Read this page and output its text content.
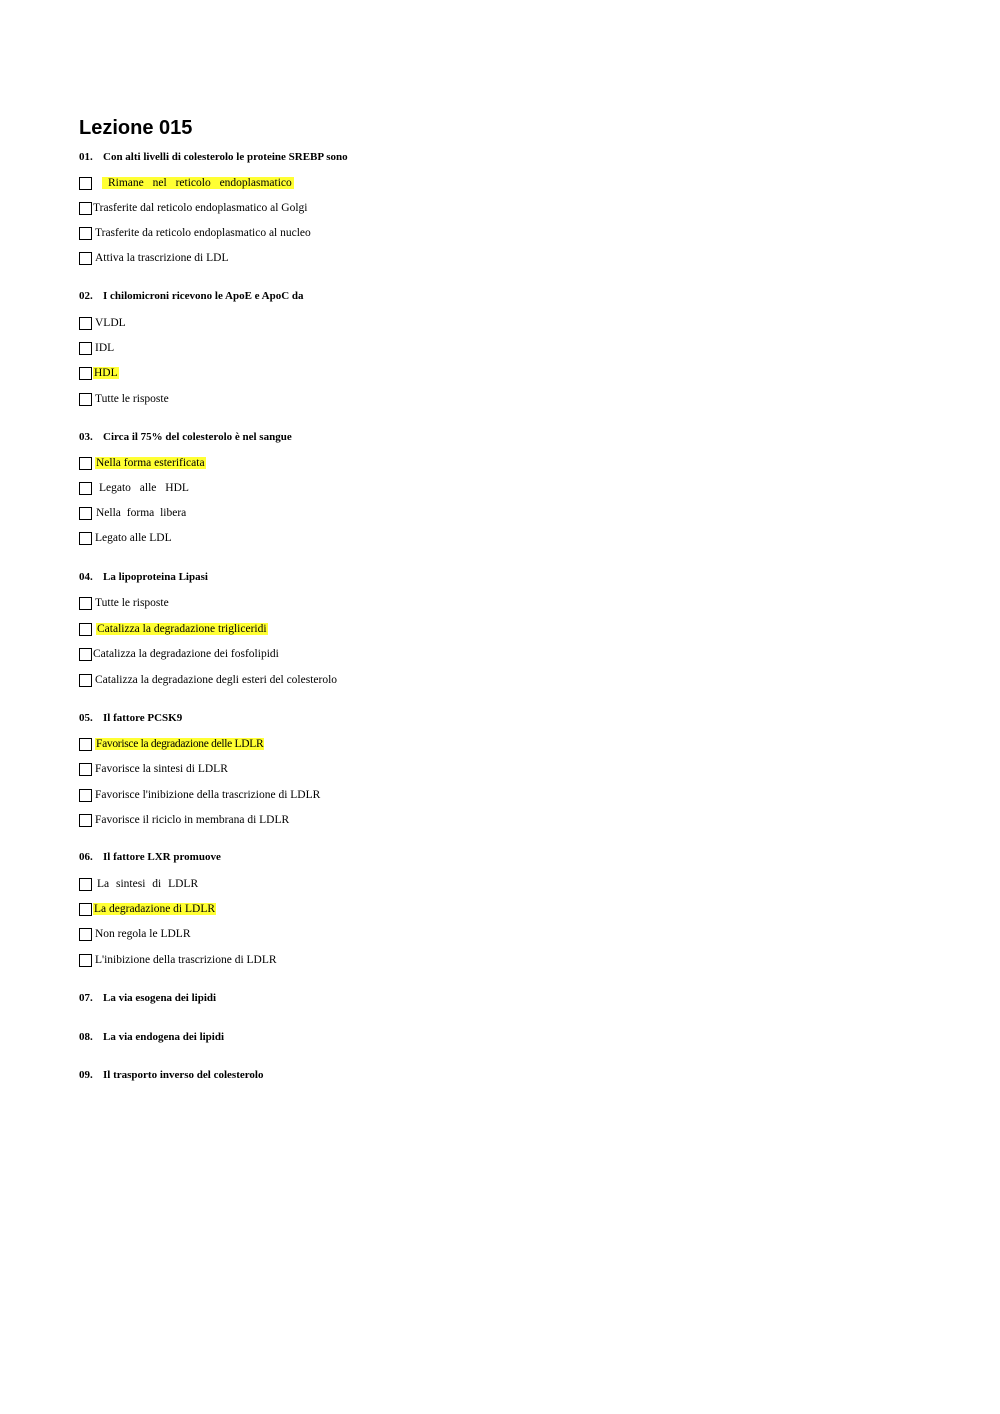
Lezione 015
01. Con alti livelli di colesterolo le proteine SREBP sono
Rimane nel reticolo endoplasmatico
Trasferite dal reticolo endoplasmatico al Golgi
Trasferite da reticolo endoplasmatico al nucleo
Attiva la trascrizione di LDL
02. I chilomicroni ricevono le ApoE e ApoC da
VLDL
IDL
HDL
Tutte le risposte
03. Circa il 75% del colesterolo è nel sangue
Nella forma esterificata
Legato alle HDL
Nella forma libera
Legato alle LDL
04. La lipoproteina Lipasi
Tutte le risposte
Catalizza la degradazione trigliceridi
Catalizza la degradazione dei fosfolipidi
Catalizza la degradazione degli esteri del colesterolo
05. Il fattore PCSK9
Favorisce la degradazione delle LDLR
Favorisce la sintesi di LDLR
Favorisce l'inibizione della trascrizione di LDLR
Favorisce il riciclo in membrana di LDLR
06. Il fattore LXR promuove
La sintesi di LDLR
La degradazione di LDLR
Non regola le LDLR
L'inibizione della trascrizione di LDLR
07. La via esogena dei lipidi
08. La via endogena dei lipidi
09. Il trasporto inverso del colesterolo
